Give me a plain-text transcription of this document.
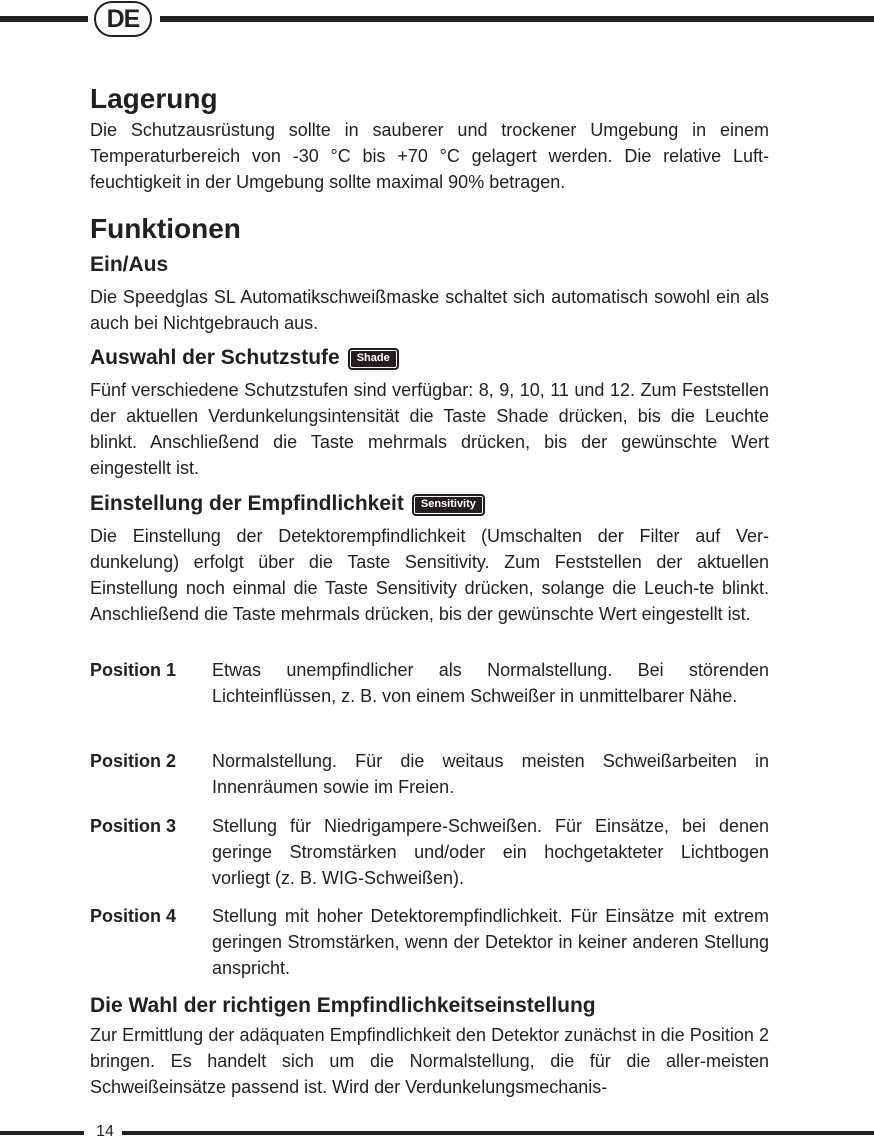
DE
Lagerung

Die Schutzausrüstung sollte in sauberer und trockener Umgebung in einem Temperaturbereich von -30 °C bis +70 °C gelagert werden. Die relative Luft-feuchtigkeit in der Umgebung sollte maximal 90% betragen.

Funktionen
Ein/Aus

Die Speedglas SL Automatikschweißmaske schaltet sich automatisch sowohl ein als auch bei Nichtgebrauch aus.

Auswahl der Schutzstufe Shade

Fünf verschiedene Schutzstufen sind verfügbar: 8, 9, 10, 11 und 12. Zum Feststellen der aktuellen Verdunkelungsintensität die Taste Shade drücken, bis die Leuchte blinkt. Anschließend die Taste mehrmals drücken, bis der gewünschte Wert eingestellt ist.

Einstellung der Empfindlichkeit Sensitivity

Die Einstellung der Detektorempfindlichkeit (Umschalten der Filter auf Ver-dunkelung) erfolgt über die Taste Sensitivity. Zum Feststellen der aktuellen Einstellung noch einmal die Taste Sensitivity drücken, solange die Leuch-te blinkt. Anschließend die Taste mehrmals drücken, bis der gewünschte Wert eingestellt ist.

Position 1 Etwas unempfindlicher als Normalstellung. Bei störenden Lichteinflüssen, z. B. von einem Schweißer in unmittelbarer Nähe.

Position 2 Normalstellung. Für die weitaus meisten Schweißarbeiten in Innenräumen sowie im Freien.

Position 3 Stellung für Niedrigampere-Schweißen. Für Einsätze, bei denen geringe Stromstärken und/oder ein hochgetakteter Lichtbogen vorliegt (z. B. WIG-Schweißen).

Position 4 Stellung mit hoher Detektorempfindlichkeit. Für Einsätze mit extrem geringen Stromstärken, wenn der Detektor in keiner anderen Stellung anspricht.

Die Wahl der richtigen Empfindlichkeitseinstellung

Zur Ermittlung der adäquaten Empfindlichkeit den Detektor zunächst in die Position 2 bringen. Es handelt sich um die Normalstellung, die für die aller-meisten Schweißeinsätze passend ist. Wird der Verdunkelungsmechanis-

14
